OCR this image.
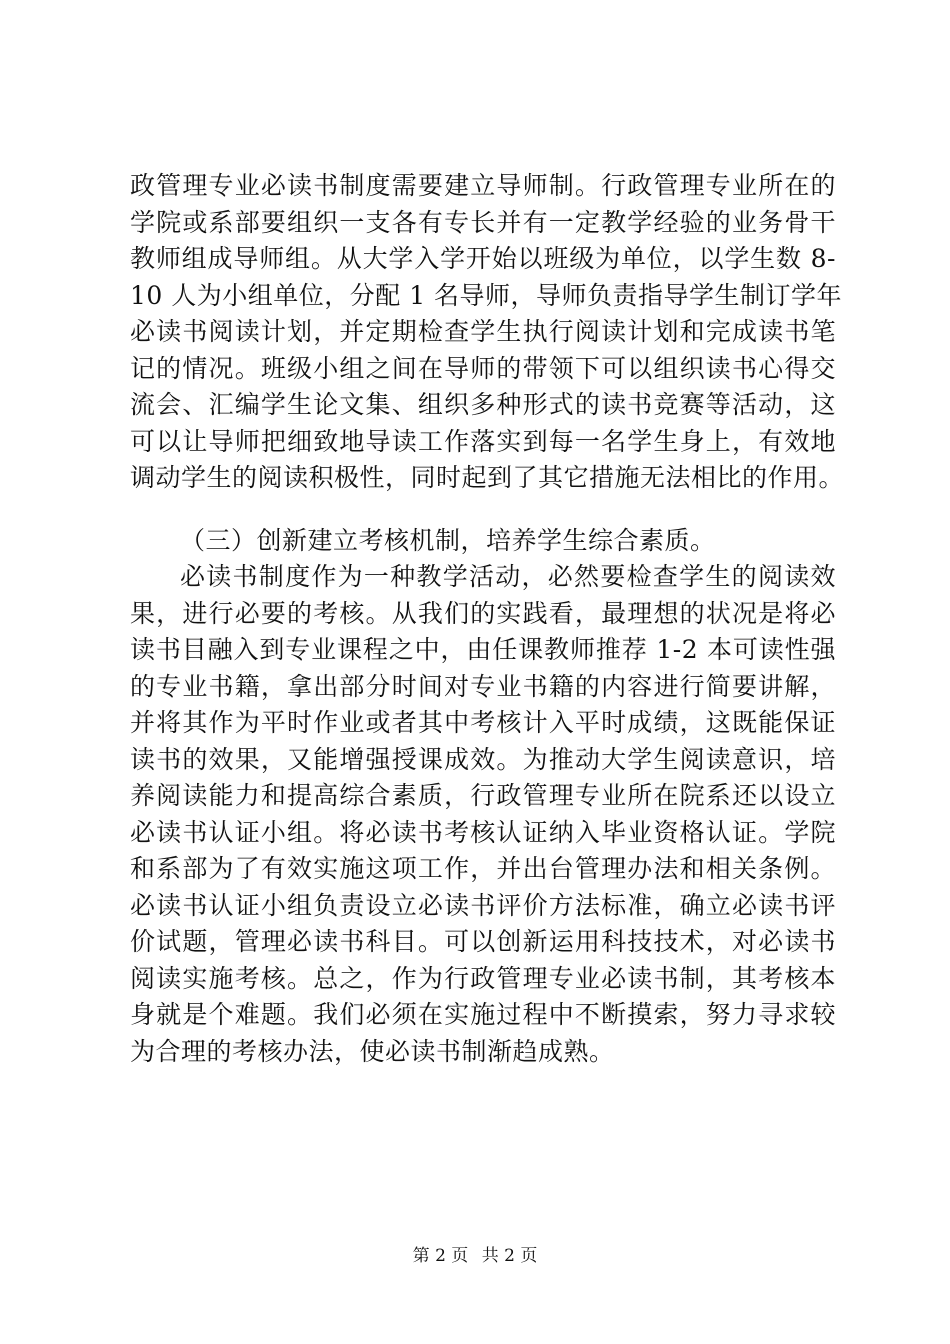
政管理专业必读书制度需要建立导师制。行政管理专业所在的
学院或系部要组织一支各有专长并有一定教学经验的业务骨干
教师组成导师组。从大学入学开始以班级为单位，以学生数 8-
10 人为小组单位，分配 1 名导师，导师负责指导学生制订学年
必读书阅读计划，并定期检查学生执行阅读计划和完成读书笔
记的情况。班级小组之间在导师的带领下可以组织读书心得交
流会、汇编学生论文集、组织多种形式的读书竞赛等活动，这
可以让导师把细致地导读工作落实到每一名学生身上，有效地
调动学生的阅读积极性，同时起到了其它措施无法相比的作用。
（三）创新建立考核机制，培养学生综合素质。
必读书制度作为一种教学活动，必然要检查学生的阅读效
果，进行必要的考核。从我们的实践看，最理想的状况是将必
读书目融入到专业课程之中，由任课教师推荐 1-2 本可读性强
的专业书籍，拿出部分时间对专业书籍的内容进行简要讲解，
并将其作为平时作业或者其中考核计入平时成绩，这既能保证
读书的效果，又能增强授课成效。为推动大学生阅读意识，培
养阅读能力和提高综合素质，行政管理专业所在院系还以设立
必读书认证小组。将必读书考核认证纳入毕业资格认证。学院
和系部为了有效实施这项工作，并出台管理办法和相关条例。
必读书认证小组负责设立必读书评价方法标准，确立必读书评
价试题，管理必读书科目。可以创新运用科技技术，对必读书
阅读实施考核。总之，作为行政管理专业必读书制，其考核本
身就是个难题。我们必须在实施过程中不断摸索，努力寻求较
为合理的考核办法，使必读书制渐趋成熟。
第 2 页 共 2 页
